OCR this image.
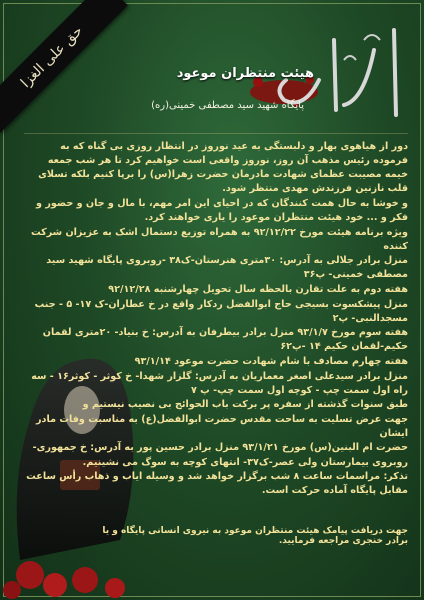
حق علی الغزا	هیئت منتظران موعود
پایگاه شهید سید مصطفی خمینی(ره)

دور از هیاهوی بهار و دلبستگی به عید نوروز در انتظار روزی بی گناه که به فرموده رئیس مذهب آن روز، نوروز واقعی است خواهیم کرد تا هر شب جمعه خیمه مصیبت عظمای شهادت مادرمان حضرت زهرا(س) را برپا کنیم بلکه تسلای قلب نازنین فرزندش مهدی منتظر شود.

و خوشا به حال همت کنندگان که در احیای این امر مهم، با مال و جان و حضور و فکر و ... خود هیئت منتظران موعود را یاری خواهند کرد.

ویژه برنامه هیئت مورخ ۹۲/۱۲/۲۲ به همراه توزیع دستمال اشک به عزیزان شرکت کننده

منزل برادر جلالی به آدرس: ۳۰متری هنرستان-ک۳۸ -روبروی پایگاه شهید سید مصطفی خمینی- پ۳۶

هفته دوم به علت تقارن بالحظه سال تحویل چهارشنبه ۹۲/۱۲/۲۸

منزل پیشکسوت بسیجی حاج ابوالفضل ردکار واقع در خ عطاران-ک ۱۷- ۵ - جنب مسجدالنبی- پ۲

هفته سوم مورخ ۹۳/۱/۷ منزل برادر بیطرفان به آدرس: خ بنیاد- ۲۰متری لقمان حکیم-لقمان حکیم ۱۴ -پ۶۲

هفته چهارم مصادف با شام شهادت حضرت موعود ۹۳/۱/۱۴

منزل برادر سیدعلی اصغر معماریان به آدرس: گلزار شهدا- خ کوثر - کوثر۱۶ - سه راه اول سمت چپ - کوچه اول سمت چپ- پ ۷

طبق سنوات گذشته از سفره پر برکت باب الحوائج بی نصیب نیستیم و

جهت عرض تسلیت به ساحت مقدس حضرت ابوالفضل(ع) به مناسبت وفات مادر ایشان

حضرت ام البنین(س) مورخ ۹۳/۱/۲۱ منزل برادر حسین پور به آدرس: خ جمهوری-روبروی بیمارستان ولی عصر-ک۳۷- انتهای کوچه به سوگ می نشینیم.

تذکر: مراسمات ساعت ۸ شب برگزار خواهد شد و وسیله ایاب و ذهاب رأس ساعت مقابل پایگاه آماده حرکت است.

جهت دریافت پیامک هیئت منتظران موعود به نیروی انسانی پایگاه و یا برادر خنجری مراجعه فرمایید.
